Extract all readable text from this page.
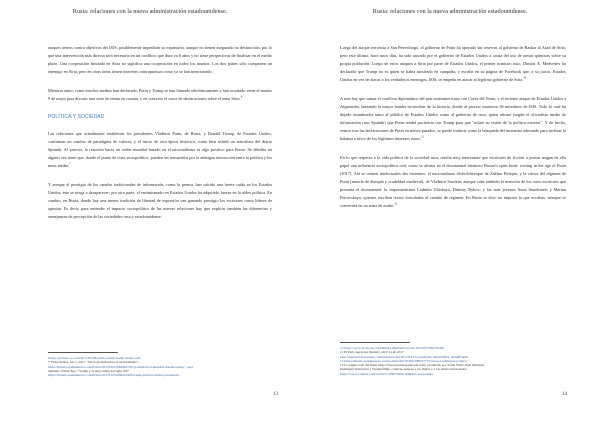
Rusia: relaciones con la nueva administración estadounidense.

ataques aéreos contra objetivos del ISIS, posiblemente impedirán su expansión, aunque no tienen asegurado su destrucción, por lo que una intervención más directa será necesaria en un conflicto que dura ya 6 años y no tiene perspectivas de finalizar en el medio plazo. Una cooperación limitada en Siria no significa una cooperación en todos los asuntos. Los dos países sólo comparten un enemigo en Siria, pero en otras áreas tienen intereses contrapuestos como ya se han mencionado.

Mientras tanto, como muchos medios han declarado, Putin y Trump se han llamado telefónicamente y han acordado verse el martes 9 de mayo para discutir una serie de temas en común, y en concreto el cruce de declaraciones sobre el tema Sirio.$^6$

POLÍTICA Y SOCIEDAD

Las relaciones que actualmente establecen los presidentes Vladimir Putin, de Rusia, y Donald Trump, de Estados Unidos, confirman un cambio de paradigma de valores, y el inicio de otra época histórica, como bien señaló un articulista del diario Sputnik. Al parecer, la reacción hacia un orden mundial basado en el nacionalismo es algo positivo para Rusia. Se debilita un alguno veo tiene que, donde el punto de vista sociopolítico, pueden ser mesurados por la ambigua interacción entre la política y los mass media.$^7$

Y aunque el prestigio de los canales tradicionales de información, como la prensa, han sufrido una fuerte caída en los Estados Unidos, éste se niega a desaparecer; por otra parte, el ensimismado en Estados Unidos ha adquirido fuerza en la aldea política. En cambio, en Rusia, donde hay una menor tradición de libertad de expresión van ganando prestigio los escritores como líderes de opinión. Es decir, para entender el impacto sociopolítico de las nuevas relaciones hay que explicar también las diferencias y semejanzas de percepción de las sociedades rusa y estadounidense.

6 http://politico.co.com/2017/05/28/politics/putin-trump-phone-call/
7 Vicky Peláez, feb 1, 2017, "De la globalización al nacionalismo",
https://mundo.sputniknews.com/firmas/201702011064922783-globalizacion-mundial-donald-trump/ ; para
también: Walter Ego, "Trump y el largo adiós del siglo XX"
https://mundo.sputniknews.com/firmas/201701231066453400-trump-politica-triunfo-presidente/
13
Rusia: relaciones con la nueva administración estadounidense.

Luego del ataque terrorista a San Petersburgo, el gobierno de Putin ha apoyado sin reservas al gobierno de Bashar al Asad de Siria, pero este último, hace unos días, ha sido atacado por el gobierno de Estados Unidos a causa del uso de armas químicas sobre su propia población. Luego de estos ataques a Siria por parte de Estados Unidos, el primer ministro ruso, Dimitri A. Medvedev ha declarado que Trump no es quien se había mostrado en campaña, y escribe en su página de Facebook que, a su juicio, Estados Unidos en vez de atacar a los verdaderos enemigos, ISIS, se empeña en atacar al legítimo gobierno de Siria.$^{10}$

A esto hay que sumar el conflicto diplomático del país norteamericano con Corea del Norte, y el reciente ataque de Estados Unidos a Afganistán, lanzando la mayor bomba no-nuclear de la historia, donde al parecer murieron 36 miembros de ISIS. Todo lo cual ha dejado asombrados tanto al público de Estados Unidos como al gobierno de ruso, quien afirmó (según el oficialista medio de información ruso Sputnik) que Putin tendrá paciencia con Trump para que "aclare su visión de la política exterior". Y de hecho, vemos tras las declaraciones de Putin en meses pasados, se puede traducir como la búsqueda del momento adecuado para inclinar la balanza a favor de los legítimos intereses rusos.$^{11}$

En lo que respecta a la vida política de la sociedad rusa, resulta muy interesante que escritores de ficción o poetas tengan en ella papel una influencia sociopolítica real, como se afirma en el documental británico Russia's open book: writing in the age of Putin (2017). Ahí se reúnen intelectuales des extremos: el nacionalismo filobolchevique de Zakhar Prilepin, y la crítica del régimen de Putin (mezcla de distopía y crudeldad medieval), de Vladimir Sorokin; aunque cabe también la mención de los otros escritores que presenta el documental: la importantísima Ludmila Ulitskaya, Dimitry Bykov; y las más jóvenes Anna Starobinets y Marina Petrovskaya, quienes escriben textos vinculados al cambio de régimen. En Rusia se dice: no importa lo que escribas, siempre se convertirá en un arma de asalto.$^{12}$

10 https://www.facebook.com/Dmitry.Medvedev/posts/10154577206576481
11 El País, Agencias (Kabul), abril 14 de 2017
http://internacional.elpais.com/internacional/2017/04/13/actualidad/1492109094_506488.html
12 https://mundo.sputniknews.com/politica/201704041068197773-rusos-washington-politica/
13 La página web del filme https://www.russiasopenbook.com/, producido por Sarah Walls, Paul Mitchell,
Intelligent Television y Wonderfilms, contiene enlaces a los títulos y a los temas relacionados
https://www.youtube.com/watch?v=0fR53N0U1M&list=autoesdelia
14
